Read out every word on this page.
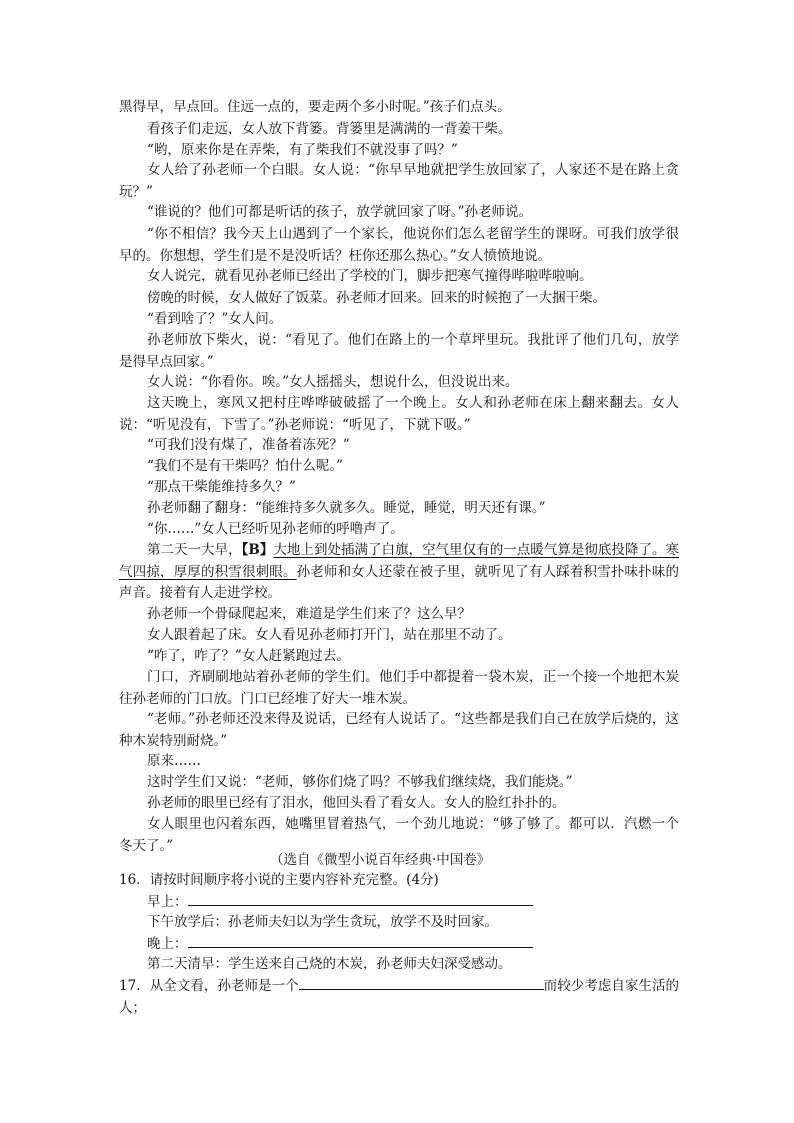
黑得早，早点回。住远一点的，要走两个多小时呢。”孩子们点头。

看孩子们走远，女人放下背篓。背篓里是满满的一背姜干柴。

“哟，原来你是在弄柴，有了柴我们不就没事了吗？”

女人给了孙老师一个白眼。女人说：“你早早地就把学生放回家了，人家还不是在路上贪玩？”

“谁说的？他们可都是听话的孩子，放学就回家了呀。”孙老师说。

“你不相信？我今天上山遇到了一个家长，他说你们怎么老留学生的课呀。可我们放学很早的。你想想，学生们是不是没听话？枉你还那么热心。”女人愤愤地说。

女人说完，就看见孙老师已经出了学校的门，脚步把寒气撞得哔啦哔啦响。

傍晚的时候，女人做好了饭菜。孙老师才回来。回来的时候抱了一大捆干柴。

“看到啥了？”女人问。

孙老师放下柴火，说：“看见了。他们在路上的一个草坪里玩。我批评了他们几句，放学是得早点回家。”

女人说：“你看你。唉。”女人摇摇头，想说什么，但没说出来。

这天晚上，寒风又把村庄哗哗破破摇了一个晚上。女人和孙老师在床上翻来翻去。女人说：“听见没有，下雪了。”孙老师说：“听见了，下就下吸。”

“可我们没有煤了，准备着冻死？”

“我们不是有干柴吗？怕什么呢。”

“那点干柴能维持多久？”

孙老师翻了翻身：“能维持多久就多久。睡觉，睡觉，明天还有课。”

“你……”女人已经听见孙老师的呼噜声了。

第二天一大早，【B】大地上到处插满了白旗，空气里仅有的一点暖气算是彻底投降了。寒气四掠，厚厚的积雪很刺眼。孙老师和女人还蒙在被子里，就听见了有人踩着积雪扑味扑味的声音。接着有人走进学校。

孙老师一个骨碌爬起来，难道是学生们来了？这么早？

女人跟着起了床。女人看见孙老师打开门，站在那里不动了。

“咋了，咋了？”女人赶紧跑过去。

门口，齐刷刷地站着孙老师的学生们。他们手中都提着一袋木炭，正一个接一个地把木炭往孙老师的门口放。门口已经堆了好大一堆木炭。

“老师。”孙老师还没来得及说话，已经有人说话了。“这些都是我们自己在放学后烧的，这种木炭特别耐烧。”

原来……

这时学生们又说：“老师，够你们烧了吗？不够我们继续烧，我们能烧。”

孙老师的眼里已经有了泪水，他回头看了看女人。女人的脸红扑扑的。

女人眼里也闪着东西，她嘴里冒着热气，一个劲儿地说：“够了够了。都可以．汽燃一个冬天了。”

（选自《微型小说百年经典·中国卷》

16．请按时间顺序将小说的主要内容补充完整。(4分)

早上：

下午放学后：孙老师夫妇以为学生贪玩，放学不及时回家。

晚上：

第二天清早：学生送来自己烧的木炭，孙老师夫妇深受感动。

17．从全文看，孙老师是一个	而较少考虑自家生活的人；
